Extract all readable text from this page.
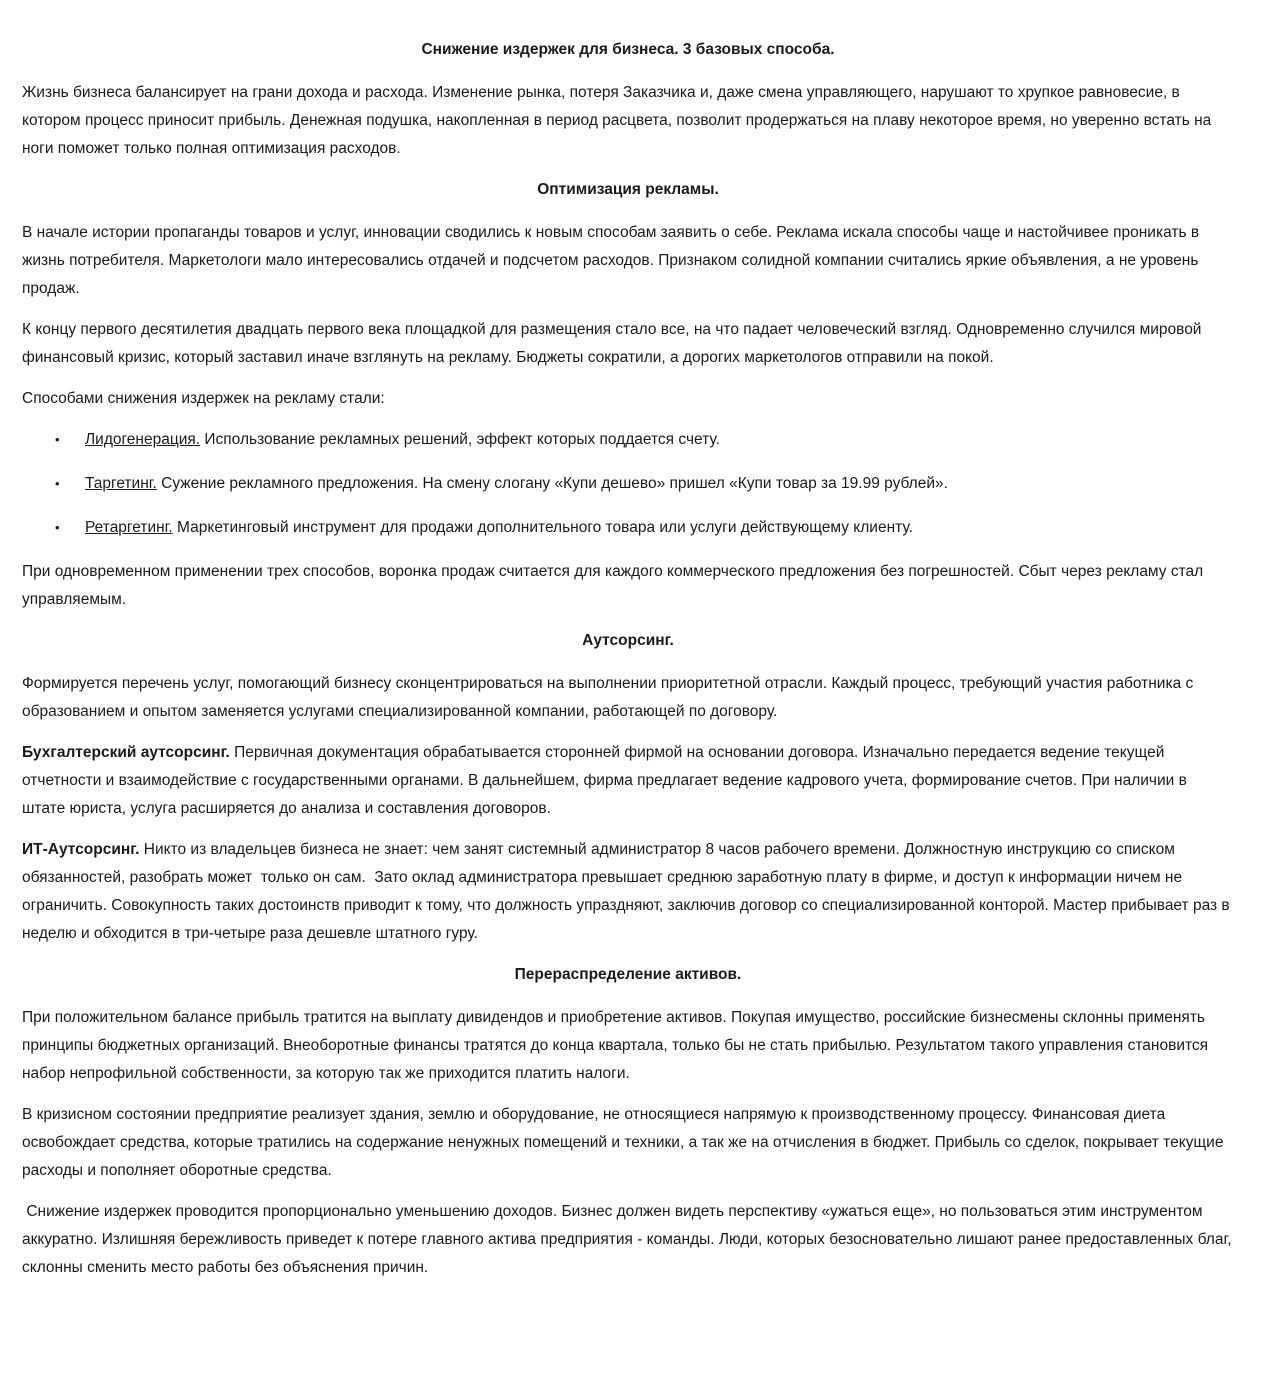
Снижение издержек для бизнеса. 3 базовых способа.

Жизнь бизнеса балансирует на грани дохода и расхода. Изменение рынка, потеря Заказчика и, даже смена управляющего, нарушают то хрупкое равновесие, в котором процесс приносит прибыль. Денежная подушка, накопленная в период расцвета, позволит продержаться на плаву некоторое время, но уверенно встать на ноги поможет только полная оптимизация расходов.

Оптимизация рекламы.

В начале истории пропаганды товаров и услуг, инновации сводились к новым способам заявить о себе. Реклама искала способы чаще и настойчивее проникать в жизнь потребителя. Маркетологи мало интересовались отдачей и подсчетом расходов. Признаком солидной компании считались яркие объявления, а не уровень продаж.

К концу первого десятилетия двадцать первого века площадкой для размещения стало все, на что падает человеческий взгляд. Одновременно случился мировой финансовый кризис, который заставил иначе взглянуть на рекламу. Бюджеты сократили, а дорогих маркетологов отправили на покой.

Способами снижения издержек на рекламу стали:

•	Лидогенерация. Использование рекламных решений, эффект которых поддается счету.
•	Таргетинг. Сужение рекламного предложения. На смену слогану «Купи дешево» пришел «Купи товар за 19.99 рублей».
•	Ретаргетинг. Маркетинговый инструмент для продажи дополнительного товара или услуги действующему клиенту.

При одновременном применении трех способов, воронка продаж считается для каждого коммерческого предложения без погрешностей. Сбыт через рекламу стал управляемым.

Аутсорсинг.

Формируется перечень услуг, помогающий бизнесу сконцентрироваться на выполнении приоритетной отрасли. Каждый процесс, требующий участия работника с образованием и опытом заменяется услугами специализированной компании, работающей по договору.

Бухгалтерский аутсорсинг. Первичная документация обрабатывается сторонней фирмой на основании договора. Изначально передается ведение текущей отчетности и взаимодействие с государственными органами. В дальнейшем, фирма предлагает ведение кадрового учета, формирование счетов. При наличии в штате юриста, услуга расширяется до анализа и составления договоров.

ИТ-Аутсорсинг. Никто из владельцев бизнеса не знает: чем занят системный администратор 8 часов рабочего времени. Должностную инструкцию со списком обязанностей, разобрать может  только он сам.  Зато оклад администратора превышает среднюю заработную плату в фирме, и доступ к информации ничем не ограничить. Совокупность таких достоинств приводит к тому, что должность упраздняют, заключив договор со специализированной конторой. Мастер прибывает раз в неделю и обходится в три-четыре раза дешевле штатного гуру.

Перераспределение активов.

При положительном балансе прибыль тратится на выплату дивидендов и приобретение активов. Покупая имущество, российские бизнесмены склонны применять принципы бюджетных организаций. Внеоборотные финансы тратятся до конца квартала, только бы не стать прибылью. Результатом такого управления становится набор непрофильной собственности, за которую так же приходится платить налоги.

В кризисном состоянии предприятие реализует здания, землю и оборудование, не относящиеся напрямую к производственному процессу. Финансовая диета освобождает средства, которые тратились на содержание ненужных помещений и техники, а так же на отчисления в бюджет. Прибыль со сделок, покрывает текущие расходы и пополняет оборотные средства.

Снижение издержек проводится пропорционально уменьшению доходов. Бизнес должен видеть перспективу «ужаться еще», но пользоваться этим инструментом аккуратно. Излишняя бережливость приведет к потере главного актива предприятия - команды. Люди, которых безосновательно лишают ранее предоставленных благ, склонны сменить место работы без объяснения причин.
